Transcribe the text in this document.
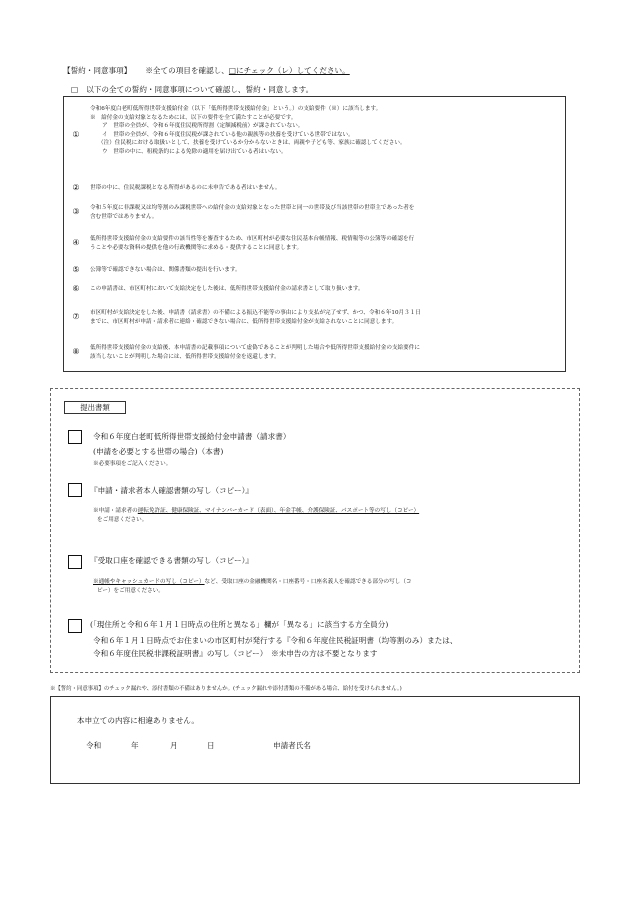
【誓約・同意事項】 ※全ての項目を確認し、□にチェック（レ）してください。
□ 以下の全ての誓約・同意事項について確認し、誓約・同意します。
①
令和6年度白老町低所得世帯支援給付金（以下「低所得世帯支援給付金」という。）の支給要件（※）に該当します。
※　給付金の支給対象となるためには、以下の要件を全て満たすことが必要です。
ア　世帯の全員が、令和６年度住民税所得割（定額減税前）が課されていない。
イ　世帯の全員が、令和６年度住民税が課されている他の親族等の扶養を受けている世帯ではない。
（注）住民税における取扱いとして、扶養を受けているか分からないときは、両親や子ども等、家族に確認してください。
ウ　世帯の中に、租税条約による免除の適用を届け出ている者はいない。
②	世帯の中に、住民税課税となる所得があるのに未申告である者はいません。
③	令和５年度に非課税又は均等割のみ課税世帯への給付金の支給対象となった世帯と同一の世帯及び当該世帯の世帯主であった者を
含む世帯ではありません。
④	低所得世帯支援給付金の支給要件の該当性等を審査するため、市区町村が必要な住民基本台帳情報、税情報等の公簿等の確認を行
うことや必要な資料の提供を他の行政機関等に求める・提供することに同意します。
⑤	公簿等で確認できない場合は、関係書類の提出を行います。
⑥	この申請書は、市区町村において支給決定をした後は、低所得世帯支援給付金の請求書として取り扱います。
⑦	市区町村が支給決定をした後、申請書（請求書）の不備による振込不能等の事由により支払が完了せず、かつ、令和６年10月３１日
までに、市区町村が申請・請求者に連絡・確認できない場合に、低所得世帯支援給付金が支給されないことに同意します。
⑧	低所得世帯支援給付金の支給後、本申請書の記載事項について虚偽であることが判明した場合や低所得世帯支援給付金の支給要件に
該当しないことが判明した場合には、低所得世帯支援給付金を返還します。
提出書類
令和６年度白老町低所得世帯支援給付金申請書（請求書）
(申請を必要とする世帯の場合)（本書)
※必要事項をご記入ください。
『申請・請求者本人確認書類の写し（コピー）』
※申請・請求者の運転免許証、健康保険証、マイナンバーカード（表面）、年金手帳、介護保険証、パスポート等の写し（コピー）
をご用意ください。
『受取口座を確認できる書類の写し（コピー）』
※通帳やキャッシュカードの写し（コピー）など、受取口座の金融機関名・口座番号・口座名義人を確認できる部分の写し（コ
ピー）をご用意ください。
(「現住所と令和６年１月１日時点の住所と異なる」欄が「異なる」に該当する方全員分)
令和６年１月１日時点でお住まいの市区町村が発行する『令和６年度住民税証明書（均等割のみ）または、
令和６年度住民税非課税証明書』の写し（コピー）　※未申告の方は不要となります
※【誓約・同意事項】のチェック漏れや、添付書類の不備はありませんか。(チェック漏れや添付書類の不備がある場合、給付を受けられません。)
本申立ての内容に相違ありません。
令和	年	月	日	申請者氏名
